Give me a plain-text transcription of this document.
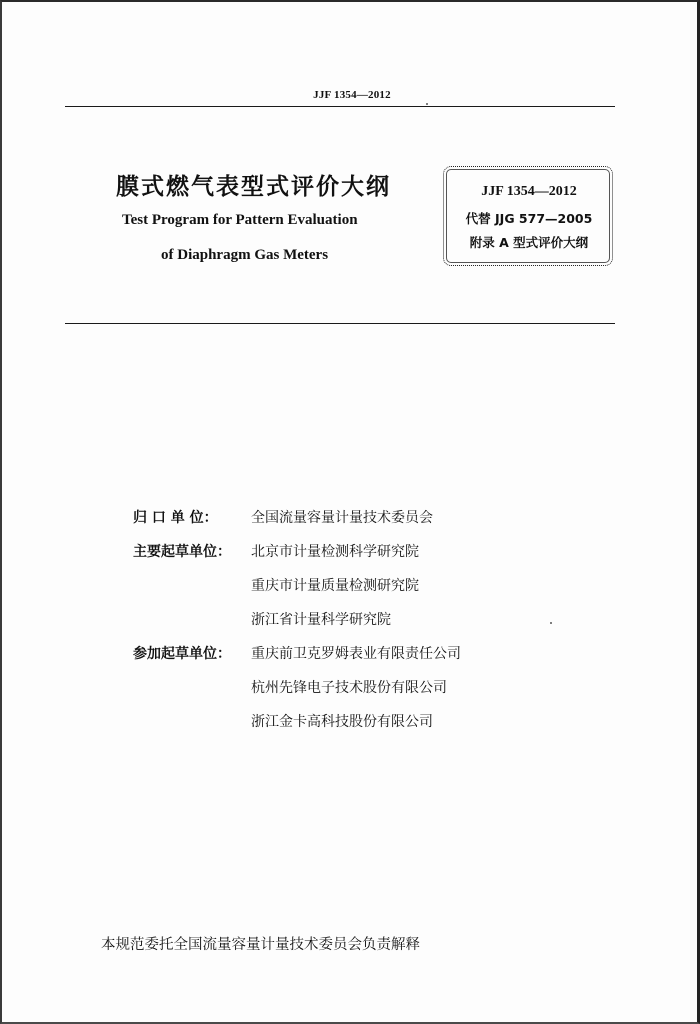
JJF 1354—2012
膜式燃气表型式评价大纲
Test Program for Pattern Evaluation
of Diaphragm Gas Meters
JJF 1354—2012
代替 JJG 577—2005
附录 A 型式评价大纲
归 口 单 位： 全国流量容量计量技术委员会
主要起草单位： 北京市计量检测科学研究院
重庆市计量质量检测研究院
浙江省计量科学研究院
参加起草单位： 重庆前卫克罗姆表业有限责任公司
杭州先锋电子技术股份有限公司
浙江金卡高科技股份有限公司
本规范委托全国流量容量计量技术委员会负责解释
